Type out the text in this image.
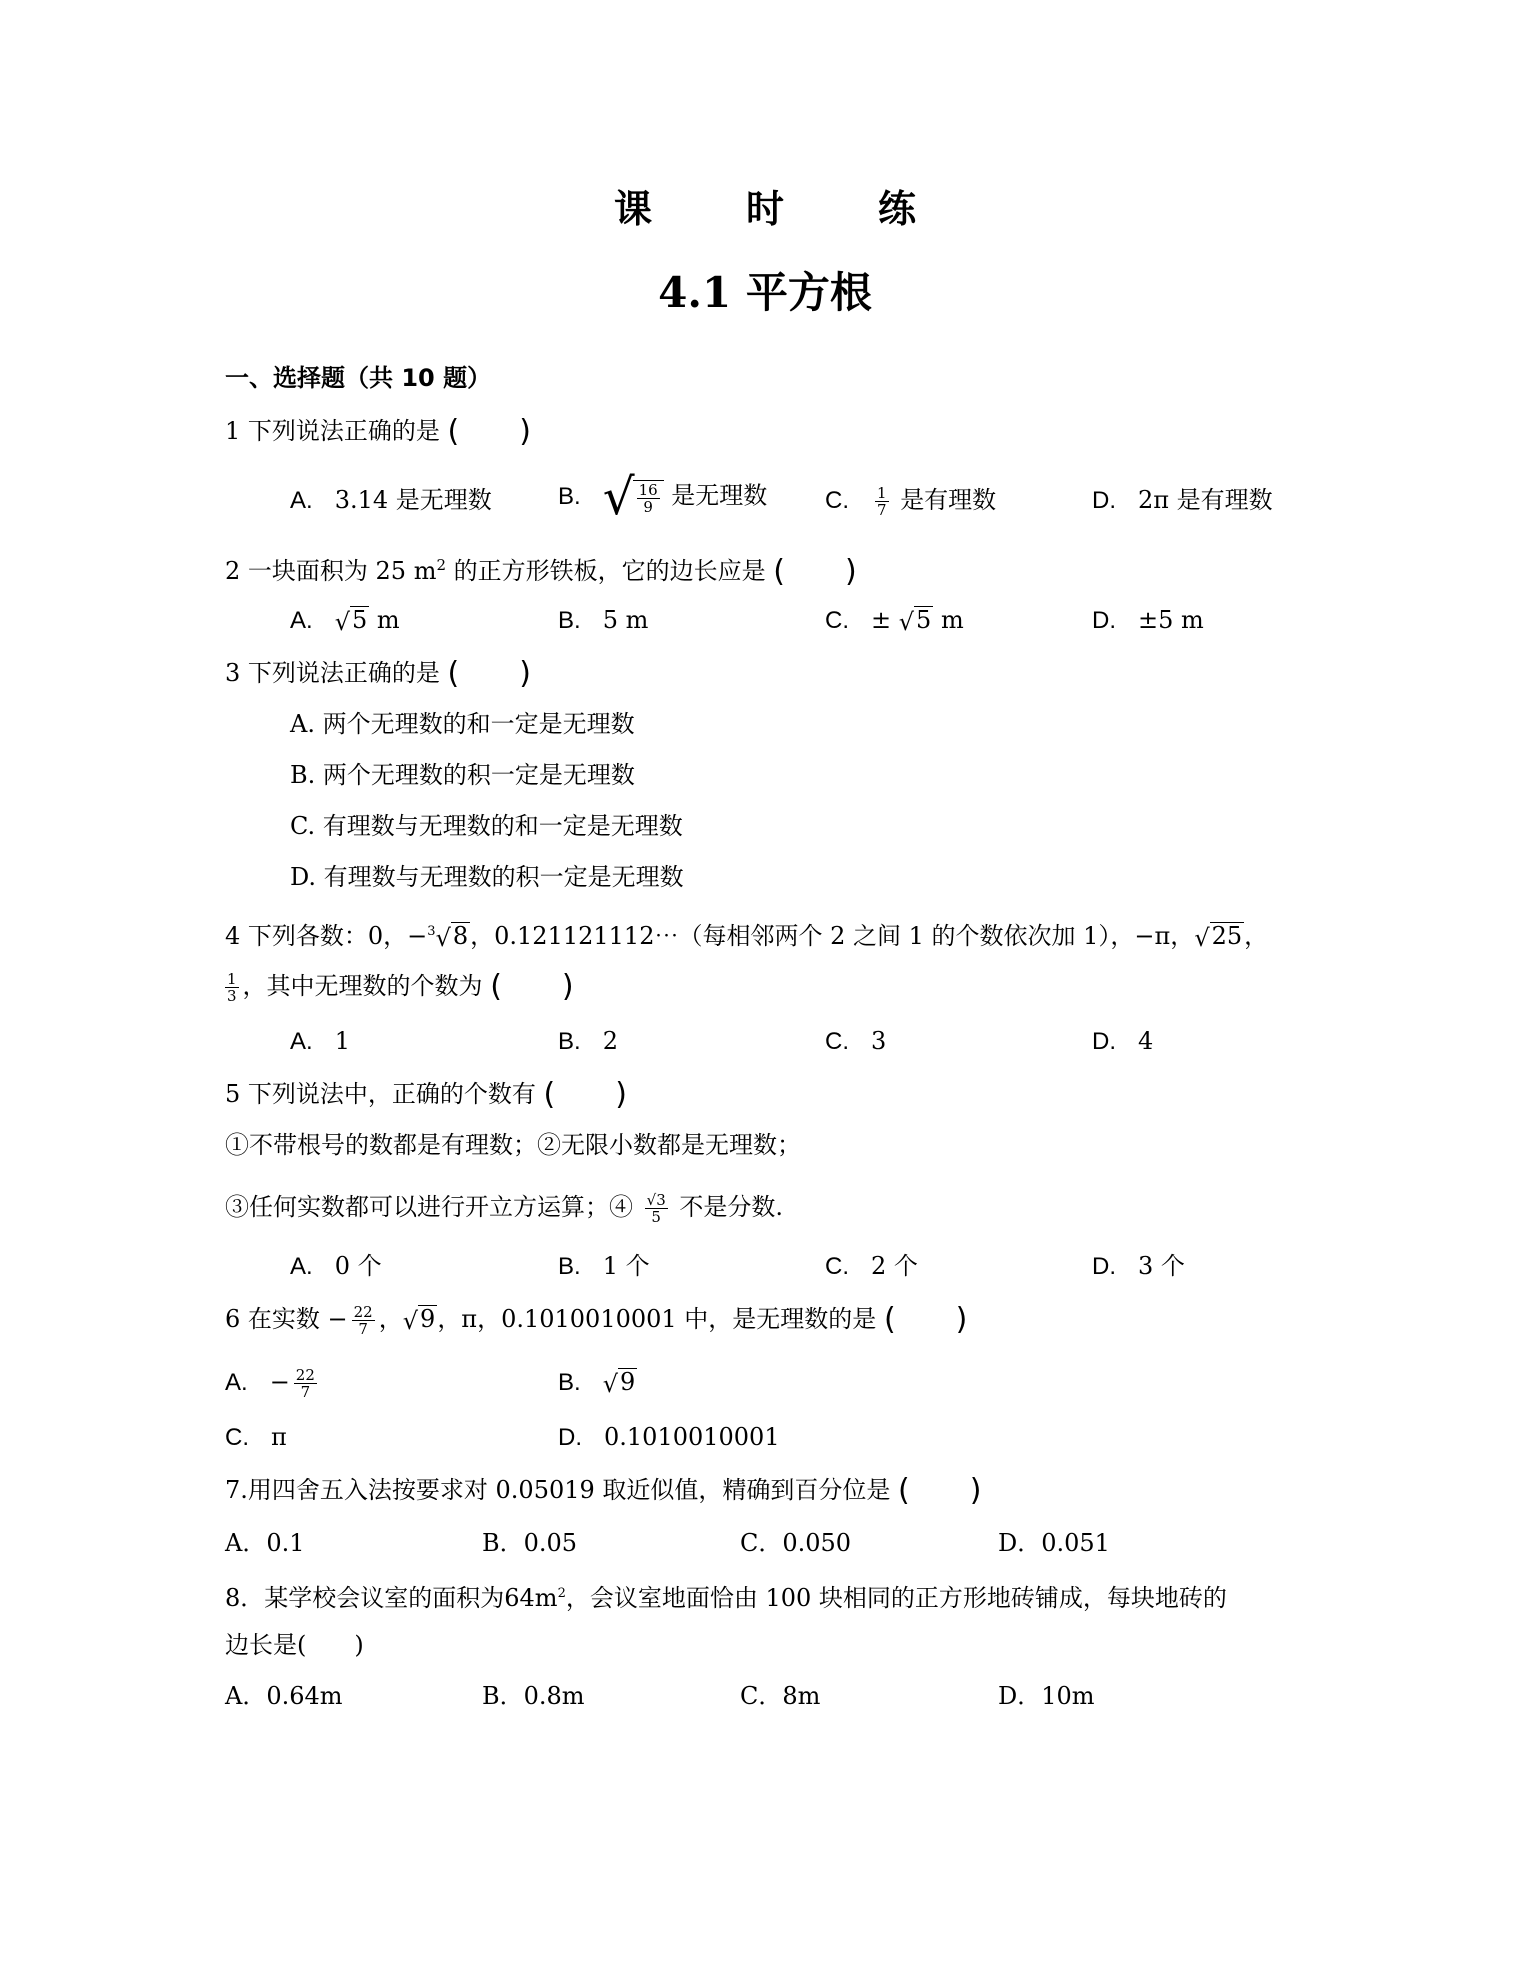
课　时　练
4.1 平方根
一、选择题（共 10 题）
1 下列说法正确的是 (　　)
A. 3.14 是无理数	B. √ $\frac{16}{9}$ 是无理数 C. $\frac{1}{7}$ 是有理数	D. 2π 是有理数
2 一块面积为 25 $m^2$ 的正方形铁板，它的边长应是 (　　)
A. √5 m	B. 5 m	C. ± √5 m	D. ±5 m
3 下列说法正确的是 (　　)
A. 两个无理数的和一定是无理数
B. 两个无理数的积一定是无理数
C. 有理数与无理数的和一定是无理数
D. 有理数与无理数的积一定是无理数
4 下列各数：0，−$^3$√8，0.121121112⋯（每相邻两个 2 之间 1 的个数依次加 1），−π，√25，
$\frac{1}{3}$ ，其中无理数的个数为 (　　)
A. 1	B. 2	C. 3	D. 4
5 下列说法中，正确的个数有 (　　)
①不带根号的数都是有理数；②无限小数都是无理数；
③任何实数都可以进行开立方运算；④ $\frac{√3}{5}$ 不是分数.
A. 0 个	B. 1 个	C. 2 个	D. 3 个
6 在实数 − $\frac{22}{7}$ ，√9，π，0.1010010001 中，是无理数的是 (　　)
A. − $\frac{22}{7}$	B. √9
C. π	D. 0.1010010001
7.用四舍五入法按要求对 0.05019 取近似值，精确到百分位是 (　　)
A．0.1	B．0.05	C．0.050	D．0.051
8．某学校会议室的面积为$64m^2$，会议室地面恰由 100 块相同的正方形地砖铺成，每块地砖的
边长是(　　)
A．0.64m	B．0.8m	C．8m	D．10m
